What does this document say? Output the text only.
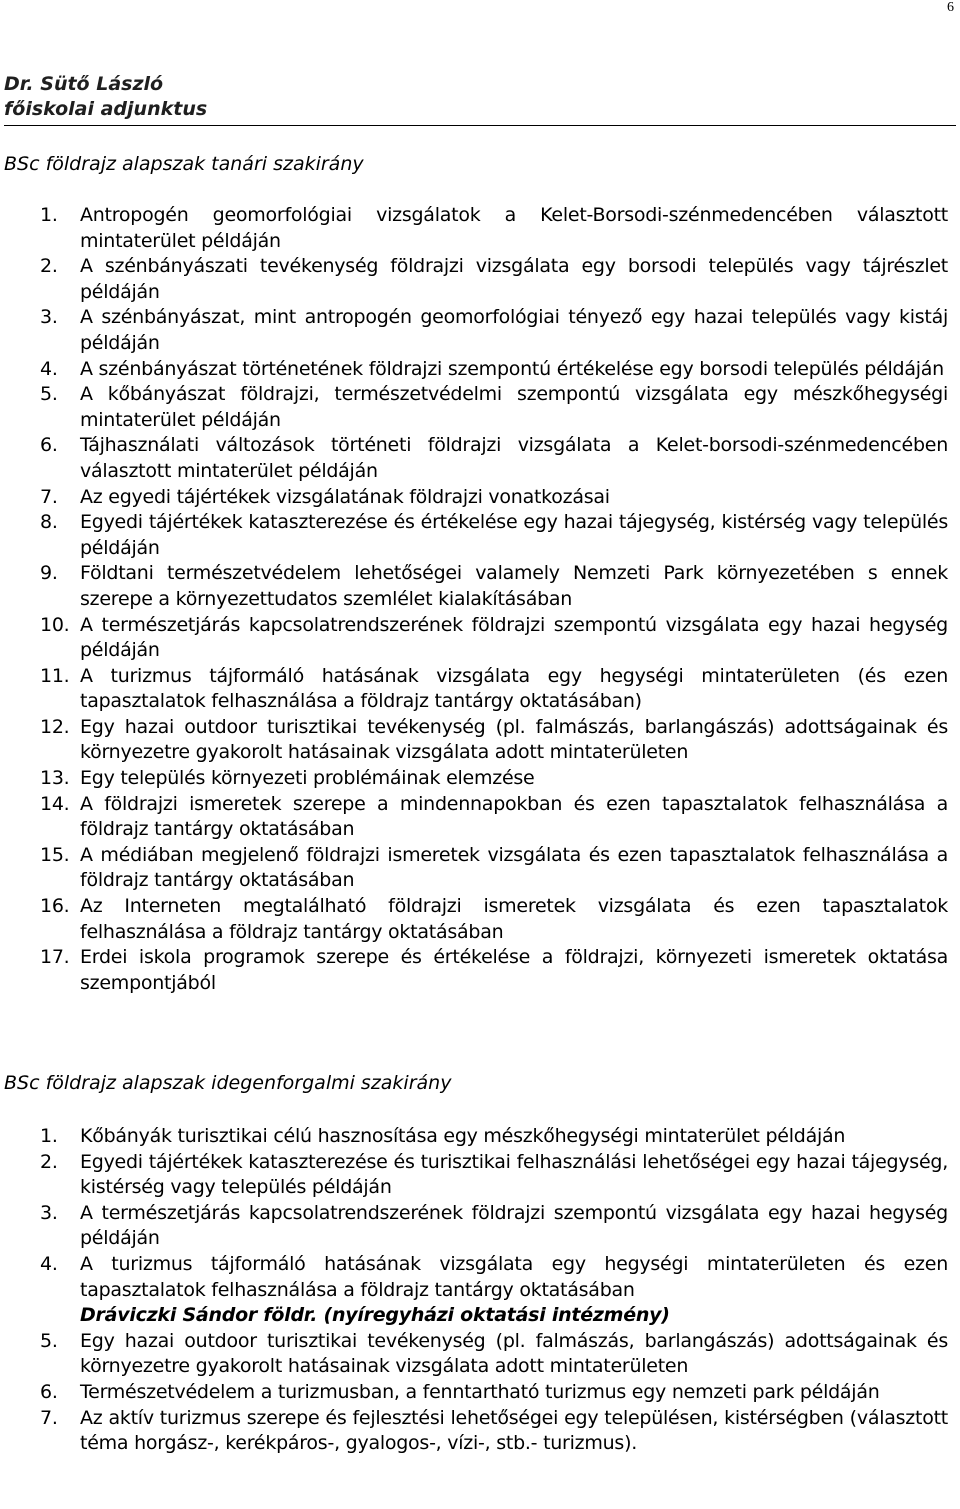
6
Dr. Sütő László
főiskolai adjunktus
BSc földrajz alapszak tanári szakirány
1. Antropogén geomorfológiai vizsgálatok a Kelet-Borsodi-szénmedencében választott mintaterület példáján
2. A szénbányászati tevékenység földrajzi vizsgálata egy borsodi település vagy tájrészlet példáján
3. A szénbányászat, mint antropogén geomorfológiai tényező egy hazai település vagy kistáj példáján
4. A szénbányászat történetének földrajzi szempontú értékelése egy borsodi település példáján
5. A kőbányászat földrajzi, természetvédelmi szempontú vizsgálata egy mészkőhegységi mintaterület példáján
6. Tájhasználati változások történeti földrajzi vizsgálata a Kelet-borsodi-szénmedencében választott mintaterület példáján
7. Az egyedi tájértékek vizsgálatának földrajzi vonatkozásai
8. Egyedi tájértékek kataszterezése és értékelése egy hazai tájegység, kistérség vagy település példáján
9. Földtani természetvédelem lehetőségei valamely Nemzeti Park környezetében s ennek szerepe a környezettudatos szemlélet kialakításában
10. A természetjárás kapcsolatrendszerének földrajzi szempontú vizsgálata egy hazai hegység példáján
11. A turizmus tájformáló hatásának vizsgálata egy hegységi mintaterületen (és ezen tapasztalatok felhasználása a földrajz tantárgy oktatásában)
12. Egy hazai outdoor turisztikai tevékenység (pl. falmászás, barlangászás) adottságainak és környezetre gyakorolt hatásainak vizsgálata adott mintaterületen
13. Egy település környezeti problémáinak elemzése
14. A földrajzi ismeretek szerepe a mindennapokban és ezen tapasztalatok felhasználása a földrajz tantárgy oktatásában
15. A médiában megjelenő földrajzi ismeretek vizsgálata és ezen tapasztalatok felhasználása a földrajz tantárgy oktatásában
16. Az Interneten megtalálható földrajzi ismeretek vizsgálata és ezen tapasztalatok felhasználása a földrajz tantárgy oktatásában
17. Erdei iskola programok szerepe és értékelése a földrajzi, környezeti ismeretek oktatása szempontjából
BSc földrajz alapszak idegenforgalmi szakirány
1. Kőbányák turisztikai célú hasznosítása egy mészkőhegységi mintaterület példáján
2. Egyedi tájértékek kataszterezése és turisztikai felhasználási lehetőségei egy hazai tájegység, kistérség vagy település példáján
3. A természetjárás kapcsolatrendszerének földrajzi szempontú vizsgálata egy hazai hegység példáján
4. A turizmus tájformáló hatásának vizsgálata egy hegységi mintaterületen és ezen tapasztalatok felhasználása a földrajz tantárgy oktatásában
Dráviczki Sándor földr. (nyíregyházi oktatási intézmény)
5. Egy hazai outdoor turisztikai tevékenység (pl. falmászás, barlangászás) adottságainak és környezetre gyakorolt hatásainak vizsgálata adott mintaterületen
6. Természetvédelem a turizmusban, a fenntartható turizmus egy nemzeti park példáján
7. Az aktív turizmus szerepe és fejlesztési lehetőségei egy településen, kistérségben (választott téma horgász-, kerékpáros-, gyalogos-, vízi-, stb.- turizmus).
